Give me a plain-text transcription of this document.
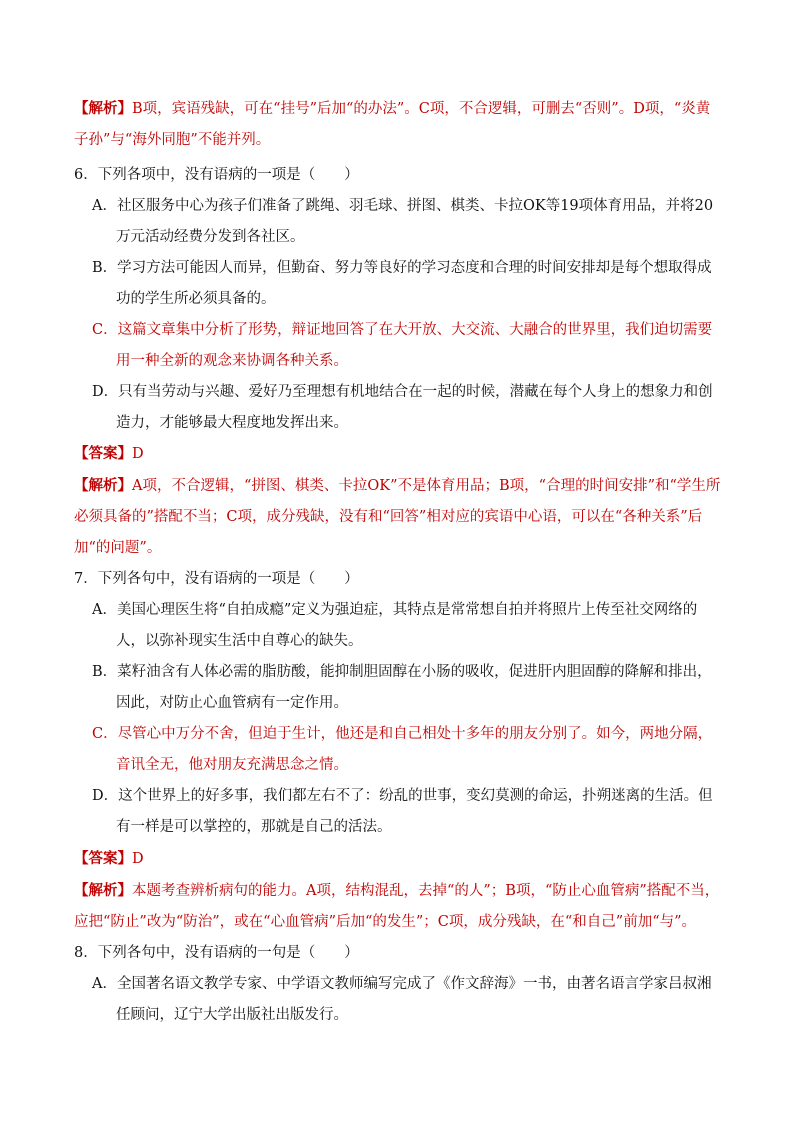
【解析】B项，宾语残缺，可在“挂号”后加“的办法”。C项，不合逻辑，可删去“否则”。D项，“炎黄子孙”与“海外同胞”不能并列。
6．下列各项中，没有语病的一项是（　　）
A．社区服务中心为孩子们准备了跳绳、羽毛球、拼图、棋类、卡拉OK等19项体育用品，并将20万元活动经费分发到各社区。
B．学习方法可能因人而异，但勤奋、努力等良好的学习态度和合理的时间安排却是每个想取得成功的学生所必须具备的。
C．这篇文章集中分析了形势，辩证地回答了在大开放、大交流、大融合的世界里，我们迫切需要用一种全新的观念来协调各种关系。
D．只有当劳动与兴趣、爱好乃至理想有机地结合在一起的时候，潜藏在每个人身上的想象力和创造力，才能够最大程度地发挥出来。
【答案】D
【解析】A项，不合逻辑，“拼图、棋类、卡拉OK”不是体育用品；B项，“合理的时间安排”和“学生所必须具备的”搭配不当；C项，成分残缺，没有和“回答”相对应的宾语中心语，可以在“各种关系”后加“的问题”。
7．下列各句中，没有语病的一项是（　　）
A．美国心理医生将“自拍成瘾”定义为强迫症，其特点是常常想自拍并将照片上传至社交网络的人，以弥补现实生活中自尊心的缺失。
B．菜籽油含有人体必需的脂肪酸，能抑制胆固醇在小肠的吸收，促进肝内胆固醇的降解和排出，因此，对防止心血管病有一定作用。
C．尽管心中万分不舍，但迫于生计，他还是和自己相处十多年的朋友分别了。如今，两地分隔，音讯全无，他对朋友充满思念之情。
D．这个世界上的好多事，我们都左右不了：纷乱的世事，变幻莫测的命运，扑朔迷离的生活。但有一样是可以掌控的，那就是自己的活法。
【答案】D
【解析】本题考查辨析病句的能力。A项，结构混乱，去掉“的人”；B项，“防止心血管病”搭配不当，应把“防止”改为“防治”，或在“心血管病”后加“的发生”；C项，成分残缺，在“和自己”前加“与”。
8．下列各句中，没有语病的一句是（　　）
A．全国著名语文教学专家、中学语文教师编写完成了《作文辞海》一书，由著名语言学家吕叔湘任顾问，辽宁大学出版社出版发行。
